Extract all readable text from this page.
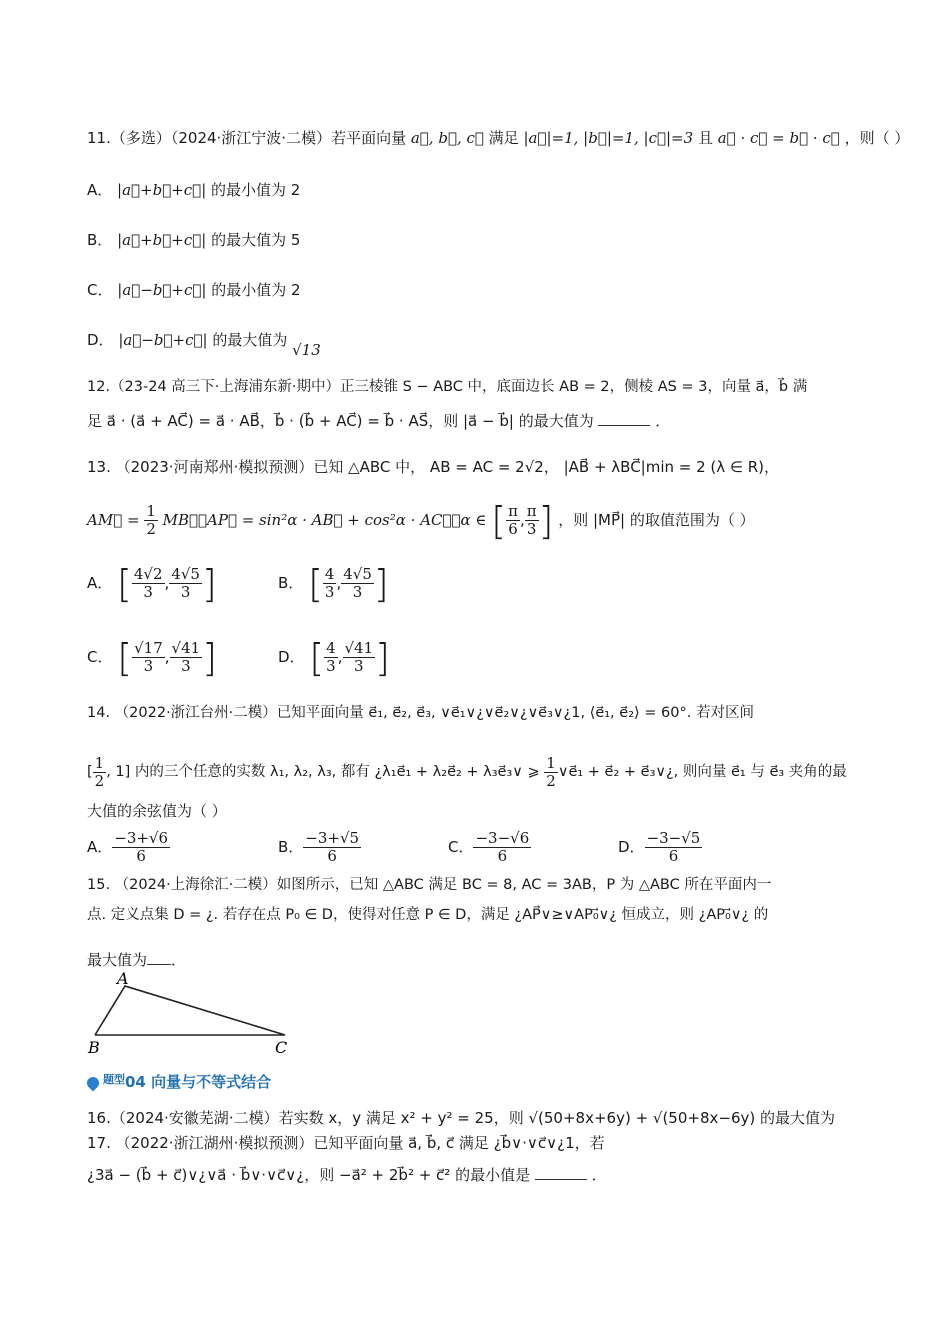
11.（多选）（2024·浙江宁波·二模）若平面向量 a⃗, b⃗, c⃗ 满足 |a⃗|=1, |b⃗|=1, |c⃗|=3 且 a⃗ · c⃗ = b⃗ · c⃗ ，则（ ）
A． |a⃗+b⃗+c⃗| 的最小值为 2
B． |a⃗+b⃗+c⃗| 的最大值为 5
C． |a⃗−b⃗+c⃗| 的最小值为 2
D． |a⃗−b⃗+c⃗| 的最大值为 √13
12.（23-24 高三下·上海浦东新·期中）正三棱锥 S − ABC 中，底面边长 AB = 2，侧棱 AS = 3，向量 a⃗，b⃗ 满
足 a⃗ · (a⃗ + AC⃗) = a⃗ · AB⃗，b⃗ · (b⃗ + AC⃗) = b⃗ · AS⃗，则 |a⃗ − b⃗| 的最大值为	．
13. （2023·河南郑州·模拟预测）已知 △ABC 中， AB = AC = 2√2， |AB⃗ + λBC⃗|min = 2 (λ ∈ R)，
AM⃗ = $\frac{1}{2}$ MB⃗，AP⃗ = sin²α · AB⃗ + cos²α · AC⃗，α ∈ [ $\frac{\pi}{6}$ , $\frac{\pi}{3}$ ] ，则 |MP⃗| 的取值范围为（ ）
A． [ $\frac{4√2}{3}$ , $\frac{4√5}{3}$ ]	B． [ $\frac{4}{3}$ , $\frac{4√5}{3}$ ]
C． [ $\frac{√17}{3}$ , $\frac{√41}{3}$ ]	D． [ $\frac{4}{3}$ , $\frac{√41}{3}$ ]
14. （2022·浙江台州·二模）已知平面向量 e⃗₁, e⃗₂, e⃗₃, ∨e⃗₁∨¿∨e⃗₂∨¿∨e⃗₃∨¿1, ⟨e⃗₁, e⃗₂⟩ = 60°. 若对区间
[ $\frac{1}{2}$ , 1] 内的三个任意的实数 λ₁, λ₂, λ₃, 都有 ¿λ₁e⃗₁ + λ₂e⃗₂ + λ₃e⃗₃∨ ⩾ $\frac{1}{2}$ ∨e⃗₁ + e⃗₂ + e⃗₃∨¿, 则向量 e⃗₁ 与 e⃗₃ 夹角的最
大值的余弦值为（ ）
A． $\frac{-3+√6}{6}$	B． $\frac{-3+√5}{6}$	C． $\frac{-3-√6}{6}$	D． $\frac{-3-√5}{6}$
15. （2024·上海徐汇·二模）如图所示，已知 △ABC 满足 BC = 8, AC = 3AB，P 为 △ABC 所在平面内一
点. 定义点集 D = ¿. 若存在点 P₀ ∈ D，使得对任意 P ∈ D，满足 ¿AP⃗∨≥∨AP₀⃗∨¿ 恒成立，则 ¿AP₀⃗∨¿ 的
最大值为 ．
A
B	C
$^{题型}$04 向量与不等式结合
16.（2024·安徽芜湖·二模）若实数 x，y 满足 x² + y² = 25，则 √(50+8x+6y) + √(50+8x−6y) 的最大值为
17. （2022·浙江湖州·模拟预测）已知平面向量 a⃗, b⃗, c⃗ 满足 ¿b⃗∨·∨c⃗∨¿1，若
¿3a⃗ − (b⃗ + c⃗)∨¿∨a⃗ · b⃗∨·∨c⃗∨¿，则 −a⃗² + 2b⃗² + c⃗² 的最小值是	．
